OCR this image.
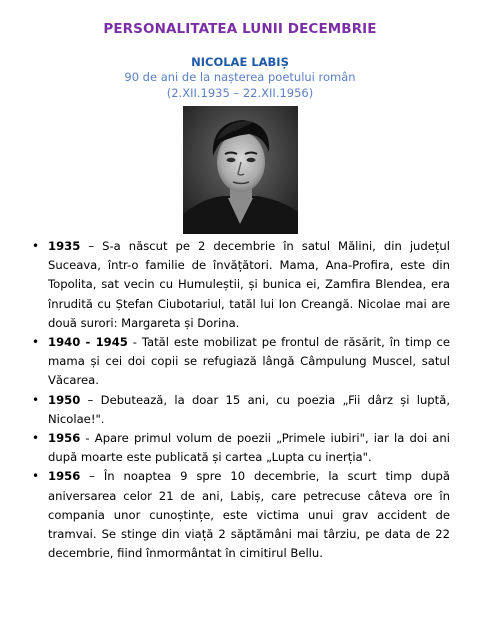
PERSONALITATEA LUNII DECEMBRIE
NICOLAE LABIȘ
90 de ani de la nașterea poetului român
(2.XII.1935 – 22.XII.1956)

• 1935 – S-a născut pe 2 decembrie în satul Mălini, din județul Suceava, într-o familie de învățători. Mama, Ana-Profira, este din Topolita, sat vecin cu Humuleștii, și bunica ei, Zamfira Blendea, era înrudită cu Ștefan Ciubotariul, tatăl lui Ion Creangă. Nicolae mai are două surori: Margareta și Dorina.

• 1940 - 1945 - Tatăl este mobilizat pe frontul de răsărit, în timp ce mama și cei doi copii se refugiază lângă Câmpulung Muscel, satul Văcarea.

• 1950 – Debutează, la doar 15 ani, cu poezia „Fii dârz și luptă, Nicolae!".

• 1956 - Apare primul volum de poezii „Primele iubiri", iar la doi ani după moarte este publicată și cartea „Lupta cu inerția".

• 1956 – În noaptea 9 spre 10 decembrie, la scurt timp după aniversarea celor 21 de ani, Labiș, care petrecuse câteva ore în compania unor cunoștințe, este victima unui grav accident de tramvai. Se stinge din viață 2 săptămâni mai târziu, pe data de 22 decembrie, fiind înmormântat în cimitirul Bellu.
